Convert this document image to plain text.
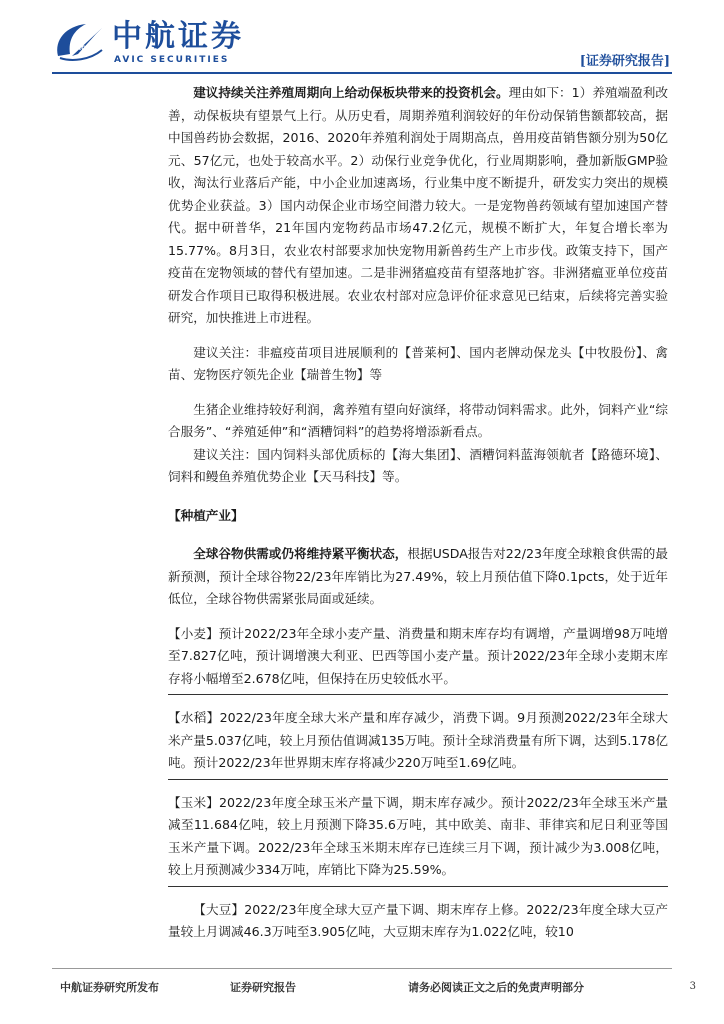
AVIC 中航证券
AVIC SECURITIES	[证券研究报告]

建议持续关注养殖周期向上给动保板块带来的投资机会。理由如下：1）养殖端盈利改善，动保板块有望景气上行。从历史看，周期养殖利润较好的年份动保销售额都较高，据中国兽药协会数据，2016、2020年养殖利润处于周期高点，兽用疫苗销售额分别为50亿元、57亿元，也处于较高水平。2）动保行业竞争优化，行业周期影响，叠加新版GMP验收，淘汰行业落后产能，中小企业加速离场，行业集中度不断提升，研发实力突出的规模优势企业获益。3）国内动保企业市场空间潜力较大。一是宠物兽药领域有望加速国产替代。据中研普华，21年国内宠物药品市场47.2亿元，规模不断扩大，年复合增长率为15.77%。8月3日，农业农村部要求加快宠物用新兽药生产上市步伐。政策支持下，国产疫苗在宠物领域的替代有望加速。二是非洲猪瘟疫苗有望落地扩容。非洲猪瘟亚单位疫苗研发合作项目已取得积极进展。农业农村部对应急评价征求意见已结束，后续将完善实验研究，加快推进上市进程。

建议关注：非瘟疫苗项目进展顺利的【普莱柯】、国内老牌动保龙头【中牧股份】、禽苗、宠物医疗领先企业【瑞普生物】等

生猪企业维持较好利润，禽养殖有望向好演绎，将带动饲料需求。此外，饲料产业“综合服务”、“养殖延伸”和“酒糟饲料”的趋势将增添新看点。

建议关注：国内饲料头部优质标的【海大集团】、酒糟饲料蓝海领航者【路德环境】、饲料和鳗鱼养殖优势企业【天马科技】等。

【种植产业】

全球谷物供需或仍将维持紧平衡状态，根据USDA报告对22/23年度全球粮食供需的最新预测，预计全球谷物22/23年库销比为27.49%，较上月预估值下降0.1pcts，处于近年低位，全球谷物供需紧张局面或延续。

【小麦】预计2022/23年全球小麦产量、消费量和期末库存均有调增，产量调增98万吨增至7.827亿吨，预计调增澳大利亚、巴西等国小麦产量。预计2022/23年全球小麦期末库存将小幅增至2.678亿吨，但保持在历史较低水平。

【水稻】2022/23年度全球大米产量和库存减少，消费下调。9月预测2022/23年全球大米产量5.037亿吨，较上月预估值调减135万吨。预计全球消费量有所下调，达到5.178亿吨。预计2022/23年世界期末库存将减少220万吨至1.69亿吨。

【玉米】2022/23年度全球玉米产量下调，期末库存减少。预计2022/23年全球玉米产量减至11.684亿吨，较上月预测下降35.6万吨，其中欧美、南非、菲律宾和尼日利亚等国玉米产量下调。2022/23年全球玉米期末库存已连续三月下调，预计减少为3.008亿吨，较上月预测减少334万吨，库销比下降为25.59%。

【大豆】2022/23年度全球大豆产量下调、期末库存上修。2022/23年度全球大豆产量较上月调减46.3万吨至3.905亿吨，大豆期末库存为1.022亿吨，较10

中航证券研究所发布	证券研究报告	请务必阅读正文之后的免责声明部分	3
